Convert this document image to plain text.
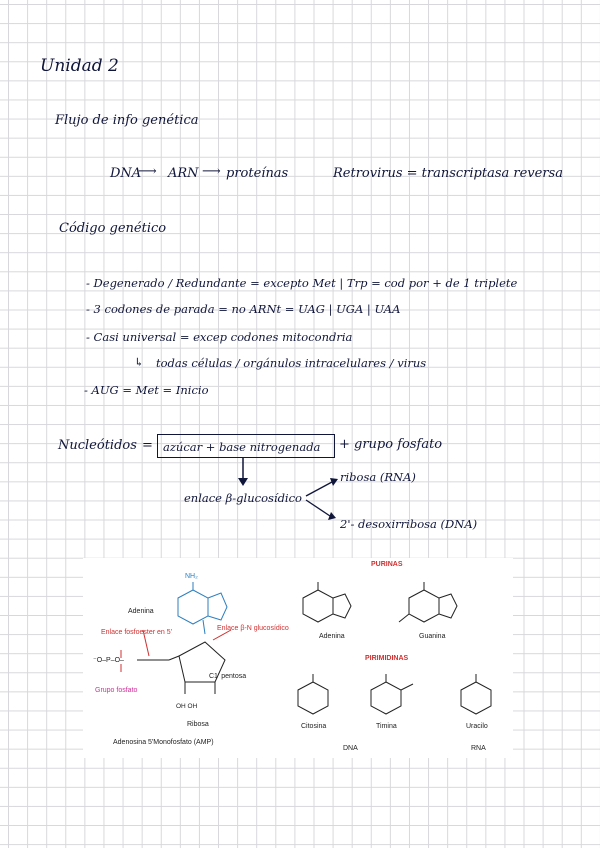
Unidad 2
Flujo de info genética
DNA
⟶ ARN ⟶ proteínas	Retrovirus = transcriptasa reversa
Código genético
- Degenerado / Redundante = excepto Met | Trp = cod por + de 1 triplete
- 3 codones de parada = no ARNt = UAG | UGA | UAA
- Casi universal = excep codones mitocondria
↳ todas células / orgánulos intracelulares / virus
- AUG = Met = Inicio
Nucleótidos = azúcar + base nitrogenada + grupo fosfato
enlace β-glucosídico
ribosa (RNA)
2'- desoxirribosa (DNA)
NH₂
Adenina
Enlace fosfoester en 5'
Enlace β-N glucosídico
⁻O–P–O–
Grupo fosfato
C1' pentosa
OH OH
Ribosa
Adenosina 5'Monofosfato (AMP)
PURINAS
Adenina	Guanina
PIRIMIDINAS
Citosina	Timina	Uracilo
DNA	RNA
